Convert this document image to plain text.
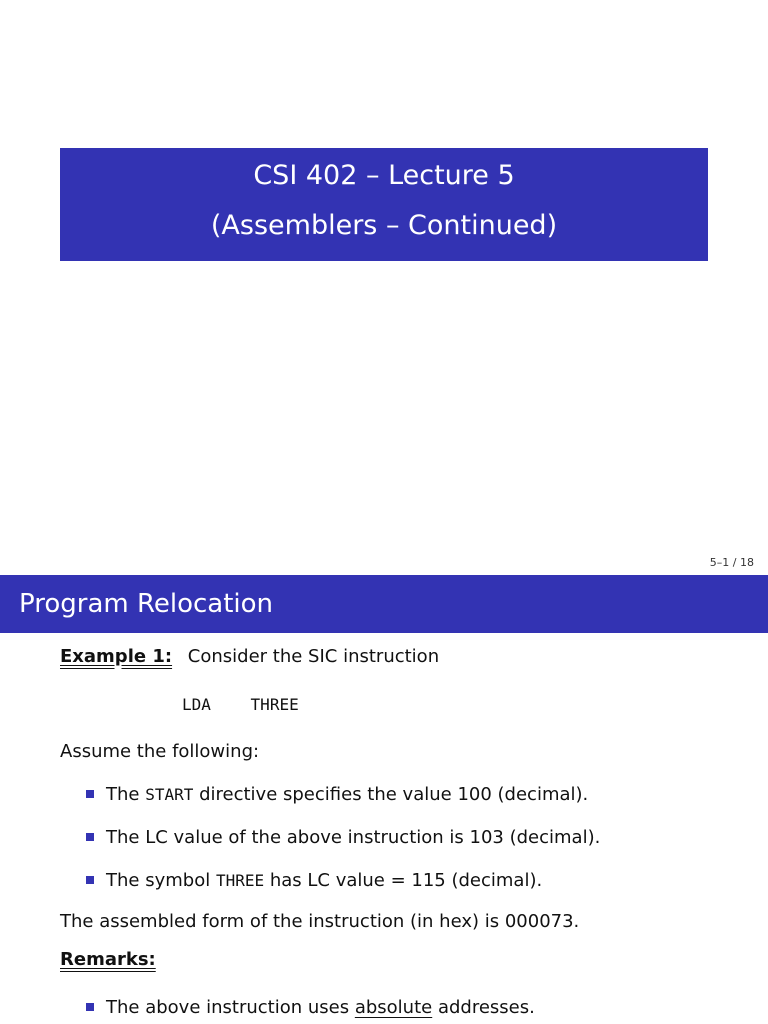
CSI 402 – Lecture 5
(Assemblers – Continued)
5–1 / 18
Program Relocation
Example 1: Consider the SIC instruction
LDA THREE
Assume the following:
The START directive specifies the value 100 (decimal).
The LC value of the above instruction is 103 (decimal).
The symbol THREE has LC value = 115 (decimal).
The assembled form of the instruction (in hex) is 000073.
Remarks:
The above instruction uses absolute addresses.
